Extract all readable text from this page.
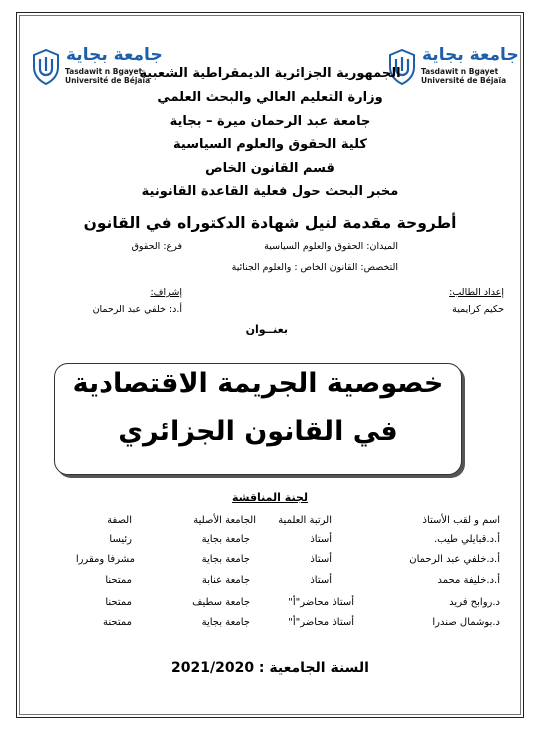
جامعة بجاية
Tasdawit n Bgayet
Université de Béjaïa
جامعة بجاية
Tasdawit n Bgayet
Université de Béjaïa
الجمهورية الجزائرية الديمقراطية الشعبية
وزارة التعليم العالي والبحث العلمي
جامعة عبد الرحمان ميرة – بجاية
كلية الحقوق والعلوم السياسية
قسم القانون الخاص
مخبر البحث حول فعلية القاعدة القانونية
أطروحة مقدمة لنيل شهادة الدكتوراه في القانون
الميدان: الحقوق والعلوم السياسية
فرع: الحقوق
التخصص: القانون الخاص : والعلوم الجنائية
إعداد الطالب:
حكيم كرايمية
إشراف:
أ.د: خلفي عبد الرحمان
بعنــوان
خصوصية الجريمة الاقتصادية
في القانون الجزائري
لجنة المناقشة
اسم و لقب الأستاذ
الرتبة العلمية
الجامعة الأصلية
الصفة
أ.د.قبايلي طيب.
أستاذ
جامعة بجاية
رئيسا
أ.د.خلفي عبد الرحمان
أستاذ
جامعة بجاية
مشرفا ومقررا
أ.د.خليفة محمد
أستاذ
جامعة عنابة
ممتحنا
د.روابح فريد
أستاذ محاضر"أ"
جامعة سطيف
ممتحنا
د.بوشمال صندرا
أستاذ محاضر"أ"
جامعة بجاية
ممتحنة
السنة الجامعية : 2021/2020
